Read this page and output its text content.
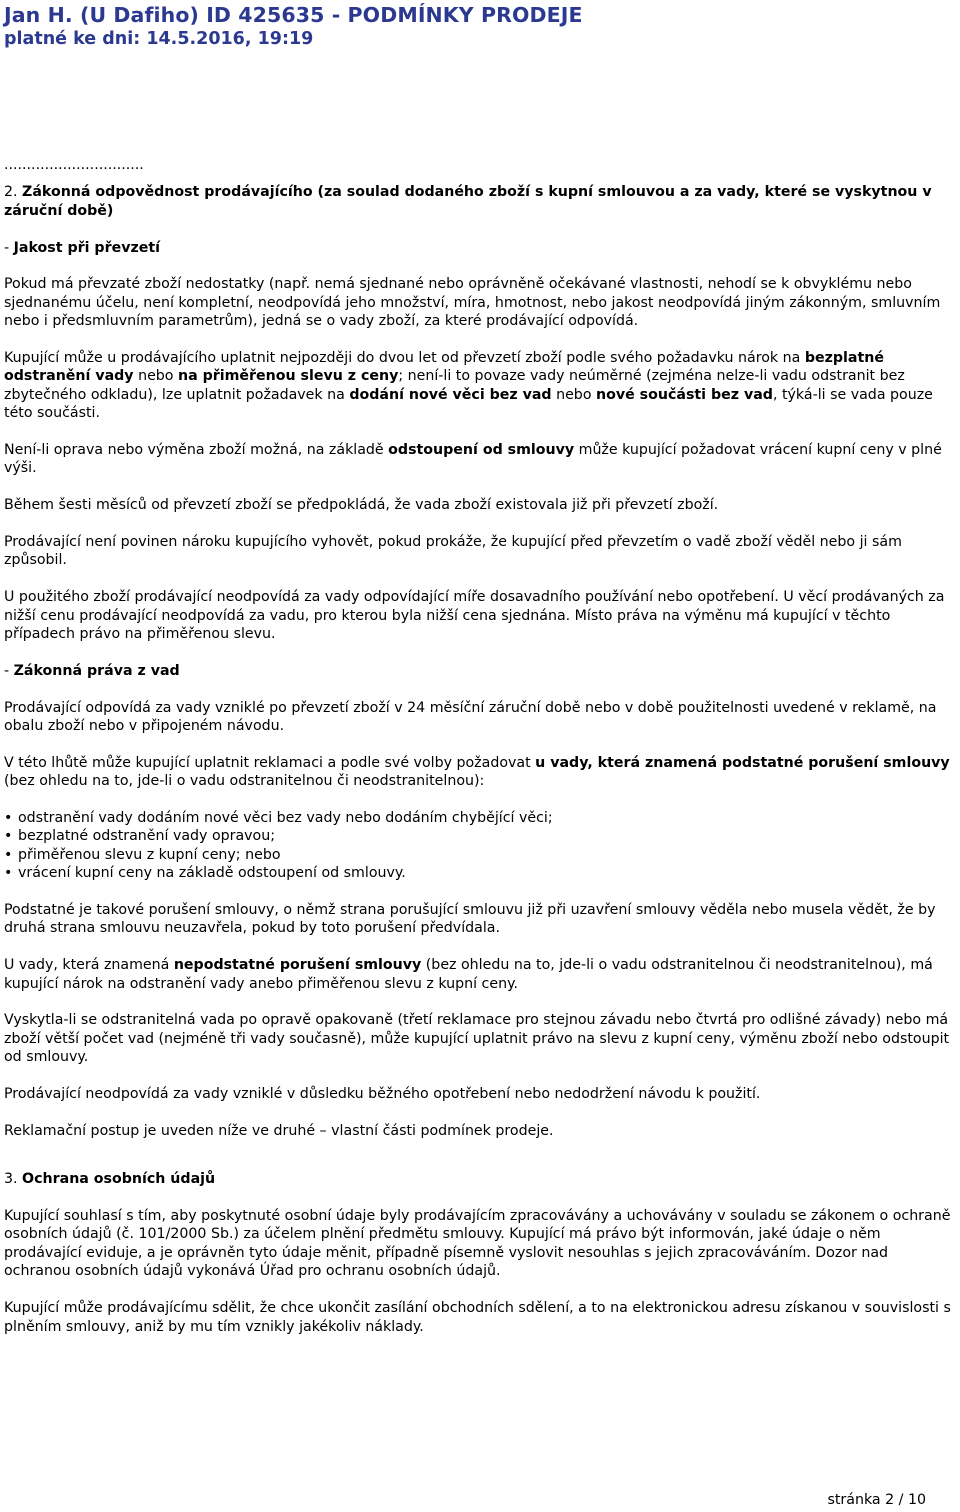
Jan H. (U Dafiho) ID 425635 - PODMÍNKY PRODEJE
platné ke dni: 14.5.2016, 19:19

...............................

2. Zákonná odpovědnost prodávajícího (za soulad dodaného zboží s kupní smlouvou a za vady, které se vyskytnou v záruční době)

- Jakost při převzetí

Pokud má převzaté zboží nedostatky (např. nemá sjednané nebo oprávněně očekávané vlastnosti, nehodí se k obvyklému nebo sjednanému účelu, není kompletní, neodpovídá jeho množství, míra, hmotnost, nebo jakost neodpovídá jiným zákonným, smluvním nebo i předsmluvním parametrům), jedná se o vady zboží, za které prodávající odpovídá.

Kupující může u prodávajícího uplatnit nejpozději do dvou let od převzetí zboží podle svého požadavku nárok na bezplatné odstranění vady nebo na přiměřenou slevu z ceny; není-li to povaze vady neúměrné (zejména nelze-li vadu odstranit bez zbytečného odkladu), lze uplatnit požadavek na dodání nové věci bez vad nebo nové součásti bez vad, týká-li se vada pouze této součásti.

Není-li oprava nebo výměna zboží možná, na základě odstoupení od smlouvy může kupující požadovat vrácení kupní ceny v plné výši.

Během šesti měsíců od převzetí zboží se předpokládá, že vada zboží existovala již při převzetí zboží.

Prodávající není povinen nároku kupujícího vyhovět, pokud prokáže, že kupující před převzetím o vadě zboží věděl nebo ji sám způsobil.

U použitého zboží prodávající neodpovídá za vady odpovídající míře dosavadního používání nebo opotřebení. U věcí prodávaných za nižší cenu prodávající neodpovídá za vadu, pro kterou byla nižší cena sjednána. Místo práva na výměnu má kupující v těchto případech právo na přiměřenou slevu.

- Zákonná práva z vad

Prodávající odpovídá za vady vzniklé po převzetí zboží v 24 měsíční záruční době nebo v době použitelnosti uvedené v reklamě, na obalu zboží nebo v připojeném návodu.

V této lhůtě může kupující uplatnit reklamaci a podle své volby požadovat u vady, která znamená podstatné porušení smlouvy (bez ohledu na to, jde-li o vadu odstranitelnou či neodstranitelnou):

• odstranění vady dodáním nové věci bez vady nebo dodáním chybějící věci;
• bezplatné odstranění vady opravou;
• přiměřenou slevu z kupní ceny; nebo
• vrácení kupní ceny na základě odstoupení od smlouvy.

Podstatné je takové porušení smlouvy, o němž strana porušující smlouvu již při uzavření smlouvy věděla nebo musela vědět, že by druhá strana smlouvu neuzavřela, pokud by toto porušení předvídala.

U vady, která znamená nepodstatné porušení smlouvy (bez ohledu na to, jde-li o vadu odstranitelnou či neodstranitelnou), má kupující nárok na odstranění vady anebo přiměřenou slevu z kupní ceny.

Vyskytla-li se odstranitelná vada po opravě opakovaně (třetí reklamace pro stejnou závadu nebo čtvrtá pro odlišné závady) nebo má zboží větší počet vad (nejméně tři vady současně), může kupující uplatnit právo na slevu z kupní ceny, výměnu zboží nebo odstoupit od smlouvy.

Prodávající neodpovídá za vady vzniklé v důsledku běžného opotřebení nebo nedodržení návodu k použití.

Reklamační postup je uveden níže ve druhé – vlastní části podmínek prodeje.

3. Ochrana osobních údajů

Kupující souhlasí s tím, aby poskytnuté osobní údaje byly prodávajícím zpracovávány a uchovávány v souladu se zákonem o ochraně osobních údajů (č. 101/2000 Sb.) za účelem plnění předmětu smlouvy. Kupující má právo být informován, jaké údaje o něm prodávající eviduje, a je oprávněn tyto údaje měnit, případně písemně vyslovit nesouhlas s jejich zpracováváním. Dozor nad ochranou osobních údajů vykonává Úřad pro ochranu osobních údajů.

Kupující může prodávajícímu sdělit, že chce ukončit zasílání obchodních sdělení, a to na elektronickou adresu získanou v souvislosti s plněním smlouvy, aniž by mu tím vznikly jakékoliv náklady.

stránka 2 / 10
